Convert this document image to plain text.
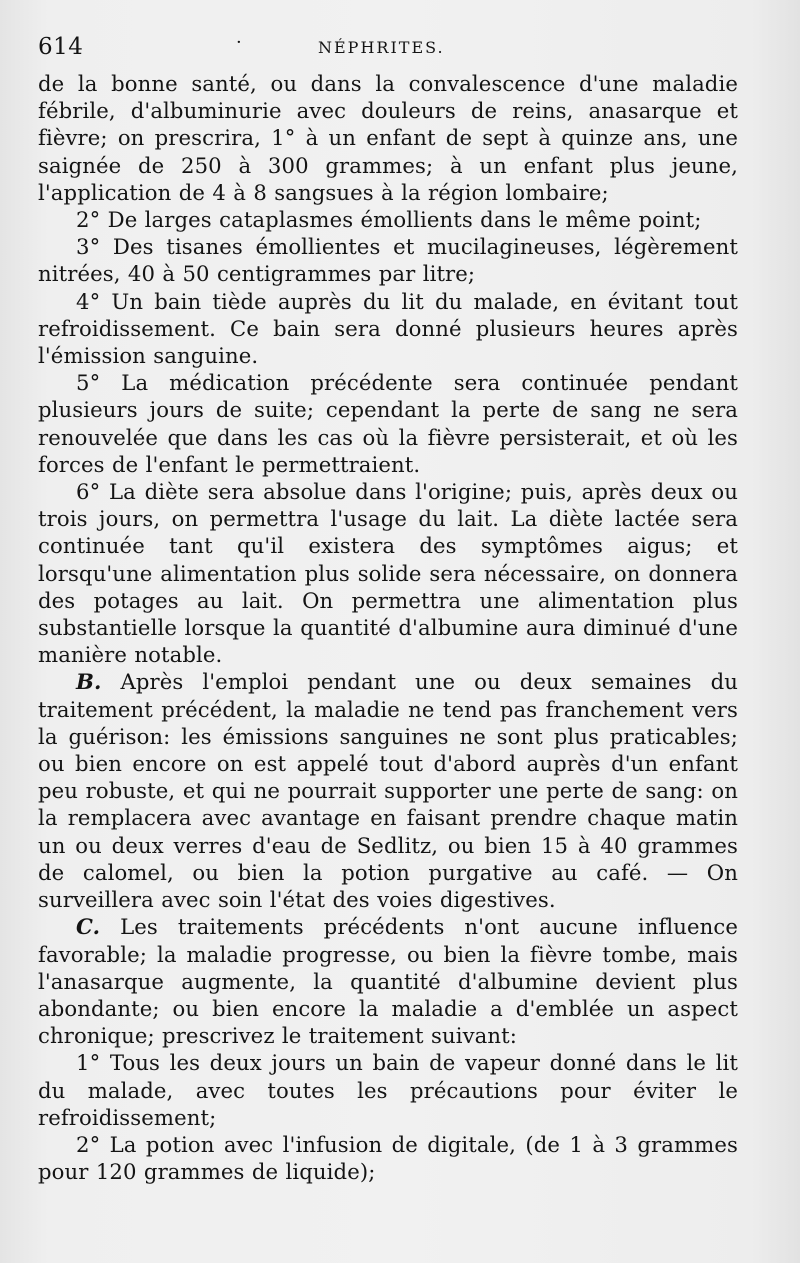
614	·	NÉPHRITES.

de la bonne santé, ou dans la convalescence d'une maladie fébrile, d'albuminurie avec douleurs de reins, anasarque et fièvre; on prescrira, 1° à un enfant de sept à quinze ans, une saignée de 250 à 300 grammes; à un enfant plus jeune, l'application de 4 à 8 sangsues à la région lombaire;

2° De larges cataplasmes émollients dans le même point;

3° Des tisanes émollientes et mucilagineuses, légèrement nitrées, 40 à 50 centigrammes par litre;

4° Un bain tiède auprès du lit du malade, en évitant tout refroidissement. Ce bain sera donné plusieurs heures après l'émission sanguine.

5° La médication précédente sera continuée pendant plusieurs jours de suite; cependant la perte de sang ne sera renouvelée que dans les cas où la fièvre persisterait, et où les forces de l'enfant le permettraient.

6° La diète sera absolue dans l'origine; puis, après deux ou trois jours, on permettra l'usage du lait. La diète lactée sera continuée tant qu'il existera des symptômes aigus; et lorsqu'une alimentation plus solide sera nécessaire, on donnera des potages au lait. On permettra une alimentation plus substantielle lorsque la quantité d'albumine aura diminué d'une manière notable.

B. Après l'emploi pendant une ou deux semaines du traitement précédent, la maladie ne tend pas franchement vers la guérison: les émissions sanguines ne sont plus praticables; ou bien encore on est appelé tout d'abord auprès d'un enfant peu robuste, et qui ne pourrait supporter une perte de sang: on la remplacera avec avantage en faisant prendre chaque matin un ou deux verres d'eau de Sedlitz, ou bien 15 à 40 grammes de calomel, ou bien la potion purgative au café. — On surveillera avec soin l'état des voies digestives.

C. Les traitements précédents n'ont aucune influence favorable; la maladie progresse, ou bien la fièvre tombe, mais l'anasarque augmente, la quantité d'albumine devient plus abondante; ou bien encore la maladie a d'emblée un aspect chronique; prescrivez le traitement suivant:

1° Tous les deux jours un bain de vapeur donné dans le lit du malade, avec toutes les précautions pour éviter le refroidissement;

2° La potion avec l'infusion de digitale, (de 1 à 3 grammes pour 120 grammes de liquide);
